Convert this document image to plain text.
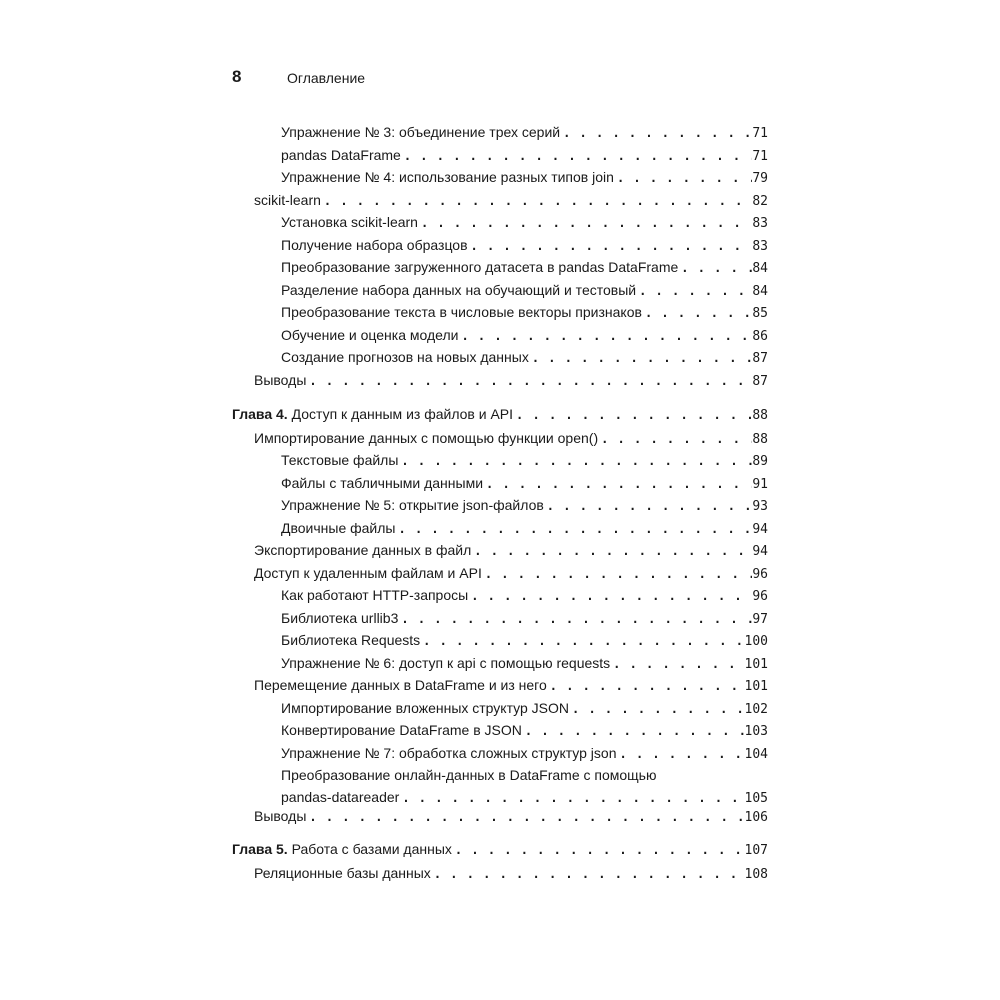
8	Оглавление
Упражнение № 3: объединение трех серий . . .	71
pandas DataFrame . . .	71
Упражнение № 4: использование разных типов join . . .	79
scikit-learn . . .	82
Установка scikit-learn . . .	83
Получение набора образцов . . .	83
Преобразование загруженного датасета в pandas DataFrame . . .	84
Разделение набора данных на обучающий и тестовый . . .	84
Преобразование текста в числовые векторы признаков . . .	85
Обучение и оценка модели . . .	86
Создание прогнозов на новых данных . . .	87
Выводы . . .	87
Глава 4. Доступ к данным из файлов и API . . .	88
Импортирование данных с помощью функции open() . . .	88
Текстовые файлы . . .	89
Файлы с табличными данными . . .	91
Упражнение № 5: открытие json-файлов . . .	93
Двоичные файлы . . .	94
Экспортирование данных в файл . . .	94
Доступ к удаленным файлам и API . . .	96
Как работают HTTP-запросы . . .	96
Библиотека urllib3 . . .	97
Библиотека Requests . . .	100
Упражнение № 6: доступ к api с помощью requests . . .	101
Перемещение данных в DataFrame и из него . . .	101
Импортирование вложенных структур JSON . . .	102
Конвертирование DataFrame в JSON . . .	103
Упражнение № 7: обработка сложных структур json . . .	104
Преобразование онлайн-данных в DataFrame с помощью
pandas-datareader . . .	105
Выводы . . .	106
Глава 5. Работа с базами данных . . .	107
Реляционные базы данных . . .	108
